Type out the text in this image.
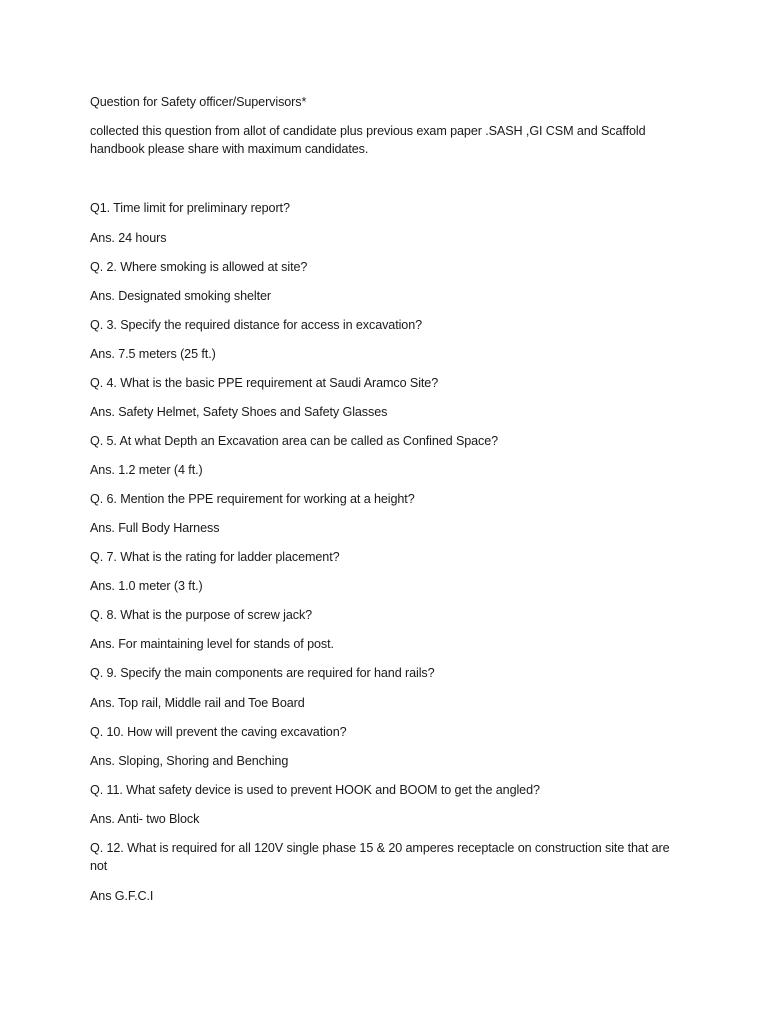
Question for Safety officer/Supervisors*
collected this question from allot of candidate plus previous exam paper .SASH ,GI CSM and Scaffold handbook please share with maximum candidates.
Q1. Time limit for preliminary report?
Ans. 24 hours
Q. 2. Where smoking is allowed at site?
Ans. Designated smoking shelter
Q. 3. Specify the required distance for access in excavation?
Ans. 7.5 meters (25 ft.)
Q. 4. What is the basic PPE requirement at Saudi Aramco Site?
Ans. Safety Helmet, Safety Shoes and Safety Glasses
Q. 5. At what Depth an Excavation area can be called as Confined Space?
Ans. 1.2 meter (4 ft.)
Q. 6. Mention the PPE requirement for working at a height?
Ans. Full Body Harness
Q. 7. What is the rating for ladder placement?
Ans. 1.0 meter (3 ft.)
Q. 8. What is the purpose of screw jack?
Ans. For maintaining level for stands of post.
Q. 9. Specify the main components are required for hand rails?
Ans. Top rail, Middle rail and Toe Board
Q. 10. How will prevent the caving excavation?
Ans. Sloping, Shoring and Benching
Q. 11. What safety device is used to prevent HOOK and BOOM to get the angled?
Ans. Anti- two Block
Q. 12. What is required for all 120V single phase 15 & 20 amperes receptacle on construction site that are not
Ans G.F.C.I
